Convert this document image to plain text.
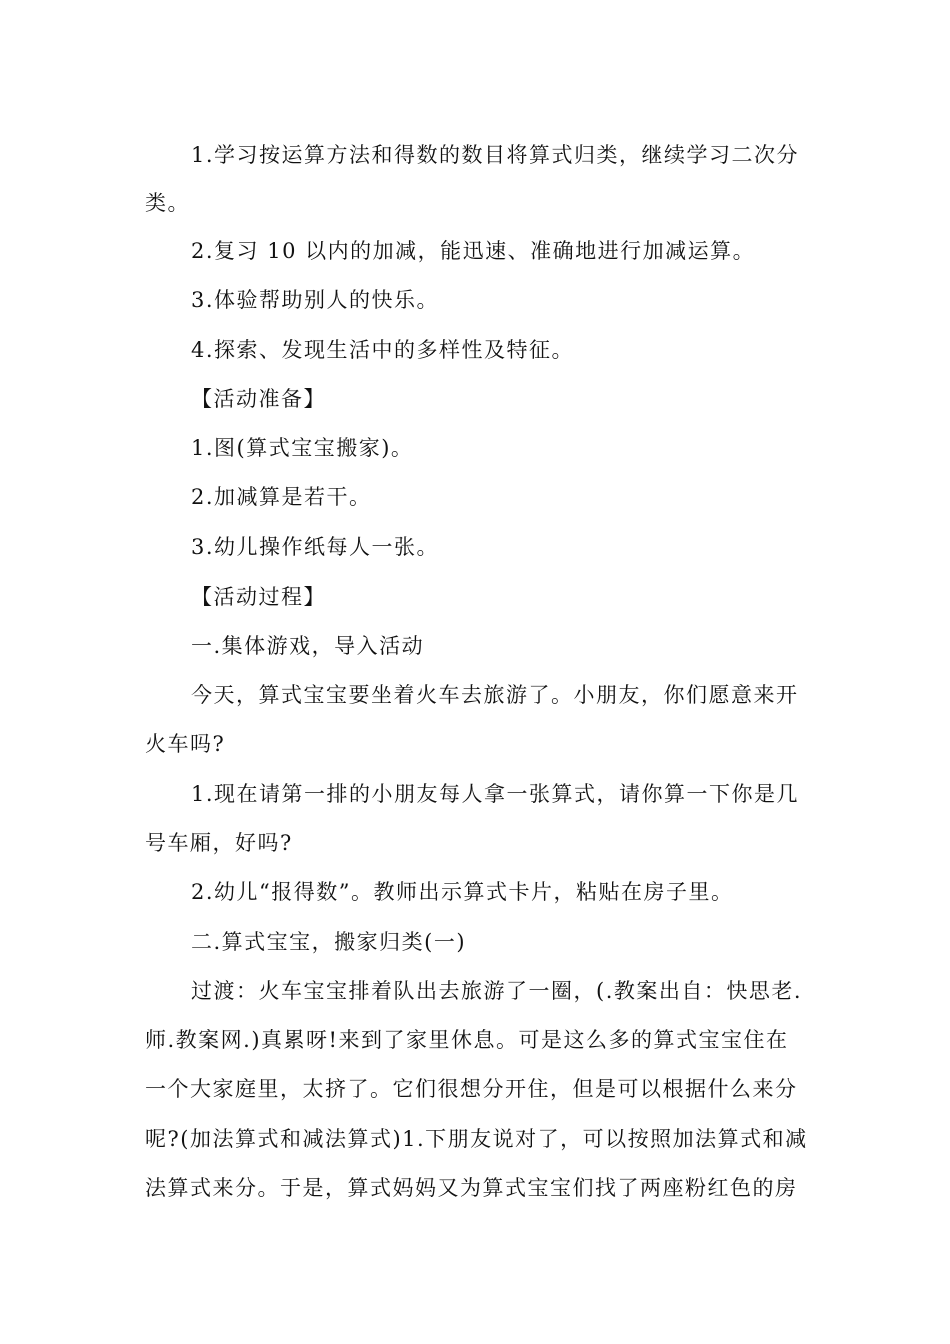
1.学习按运算方法和得数的数目将算式归类，继续学习二次分
类。
2.复习 10 以内的加减，能迅速、准确地进行加减运算。
3.体验帮助别人的快乐。
4.探索、发现生活中的多样性及特征。
【活动准备】
1.图(算式宝宝搬家)。
2.加减算是若干。
3.幼儿操作纸每人一张。
【活动过程】
一.集体游戏，导入活动
今天，算式宝宝要坐着火车去旅游了。小朋友，你们愿意来开
火车吗?
1.现在请第一排的小朋友每人拿一张算式，请你算一下你是几
号车厢，好吗?
2.幼儿“报得数”。教师出示算式卡片，粘贴在房子里。
二.算式宝宝，搬家归类(一)
过渡：火车宝宝排着队出去旅游了一圈，(.教案出自：快思老.
师.教案网.)真累呀!来到了家里休息。可是这么多的算式宝宝住在
一个大家庭里，太挤了。它们很想分开住，但是可以根据什么来分
呢?(加法算式和减法算式)1.下朋友说对了，可以按照加法算式和减
法算式来分。于是，算式妈妈又为算式宝宝们找了两座粉红色的房
